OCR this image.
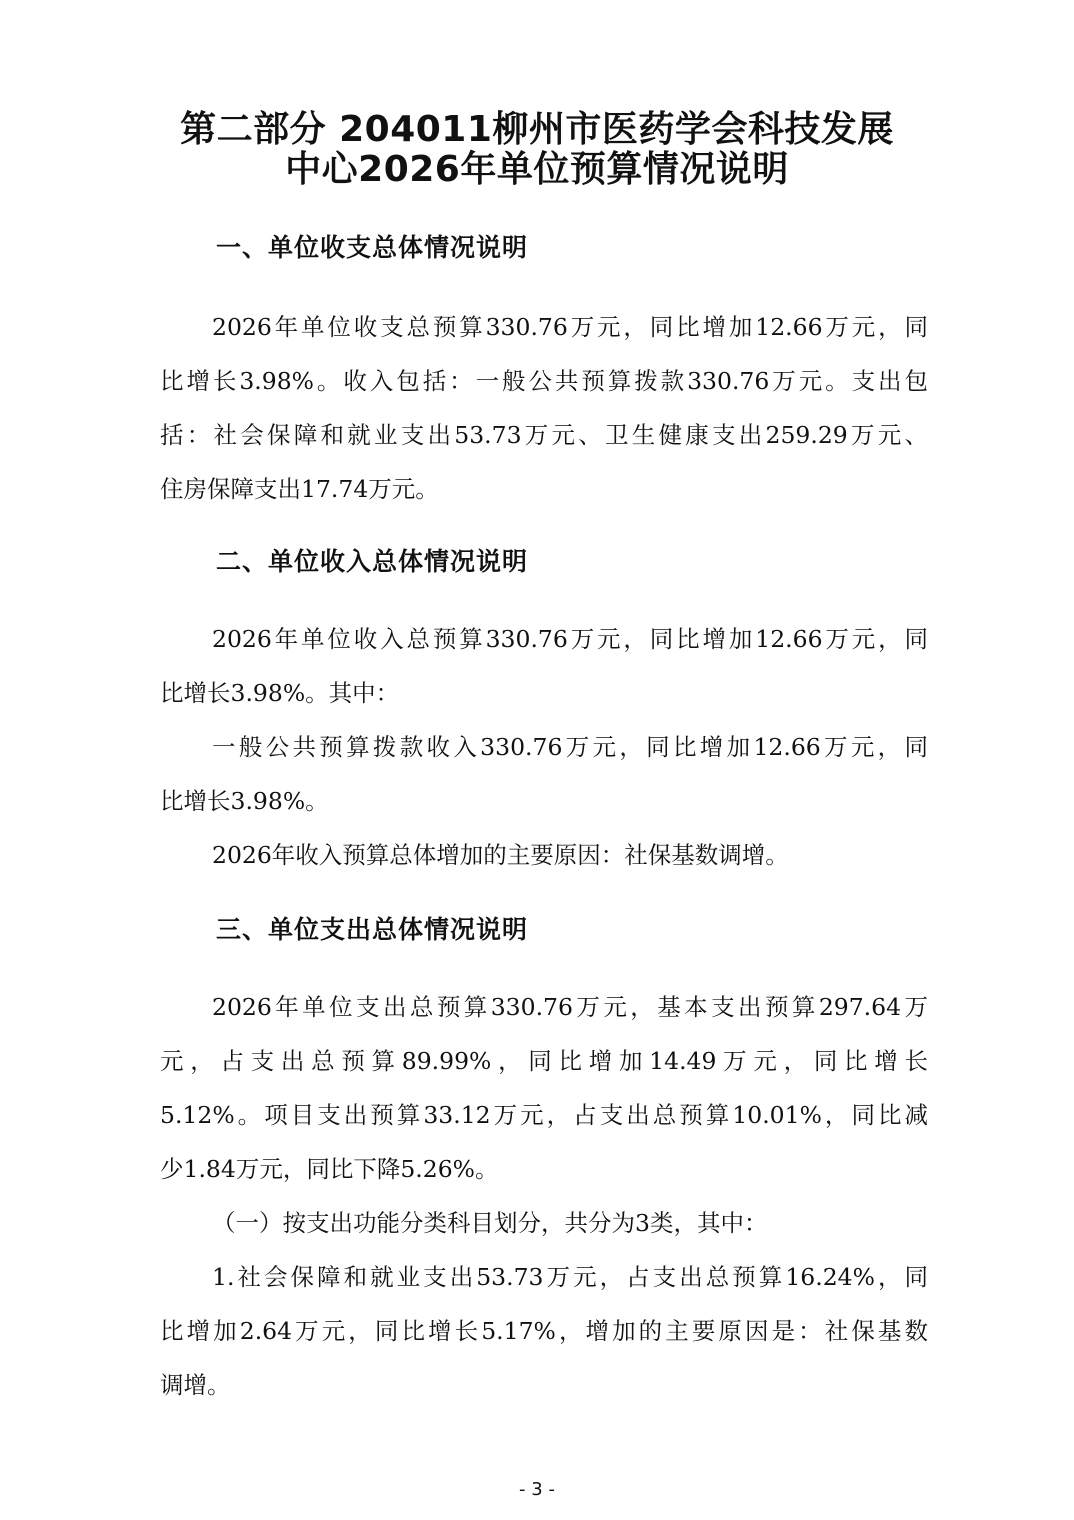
第二部分 204011柳州市医药学会科技发展
中心2026年单位预算情况说明
一、单位收支总体情况说明

2026年单位收支总预算330.76万元，同比增加12.66万元，同

比增长3.98%。收入包括：一般公共预算拨款330.76万元。支出包

括：社会保障和就业支出53.73万元、卫生健康支出259.29万元、

住房保障支出17.74万元。

二、单位收入总体情况说明

2026年单位收入总预算330.76万元，同比增加12.66万元，同

比增长3.98%。其中：

一般公共预算拨款收入330.76万元，同比增加12.66万元，同

比增长3.98%。

2026年收入预算总体增加的主要原因：社保基数调增。

三、单位支出总体情况说明

2026年单位支出总预算330.76万元，基本支出预算297.64万

元，占支出总预算89.99%，同比增加14.49万元，同比增长

5.12%。项目支出预算33.12万元，占支出总预算10.01%，同比减

少1.84万元，同比下降5.26%。

（一）按支出功能分类科目划分，共分为3类，其中：

1.社会保障和就业支出53.73万元，占支出总预算16.24%，同

比增加2.64万元，同比增长5.17%，增加的主要原因是：社保基数

调增。

- 3 -
